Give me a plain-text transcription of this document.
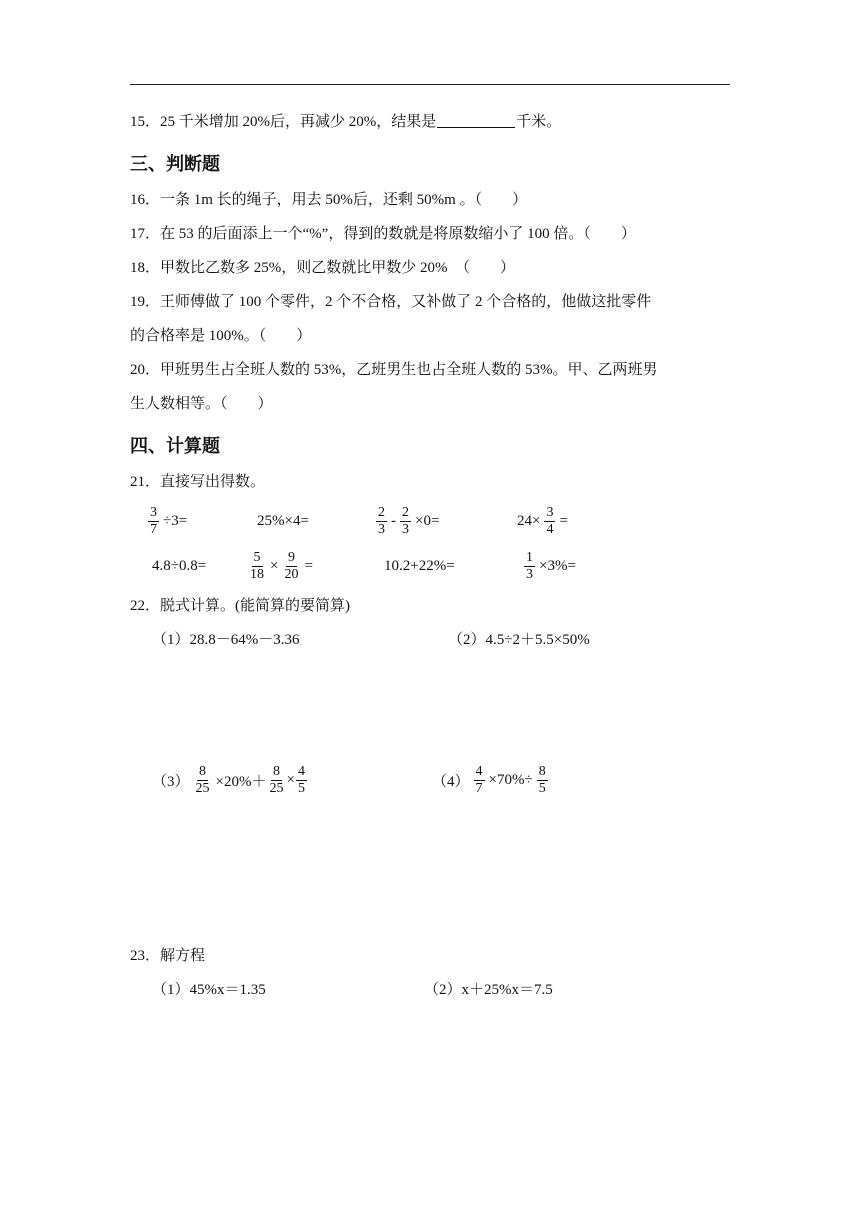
15．25 千米增加 20%后，再减少 20%，结果是	千米。
三、判断题
16．一条 1m 长的绳子，用去 50%后，还剩 50%m 。（　　）
17．在 53 的后面添上一个“%”，得到的数就是将原数缩小了 100 倍。（　　）
18．甲数比乙数多 25%，则乙数就比甲数少 20%　（　　）
19．王师傅做了 100 个零件，2 个不合格，又补做了 2 个合格的，他做这批零件
的合格率是 100%。（　　）
20．甲班男生占全班人数的 53%，乙班男生也占全班人数的 53%。甲、乙两班男
生人数相等。（　　）
四、计算题
21．直接写出得数。
$\frac{3}{7} \div 3=$	25%×4=	$\frac{2}{3} - \frac{2}{3} \times 0=$	$24\times \frac{3}{4}$ =
4.8÷0.8=	$\frac{5}{18} \times \frac{9}{20}$ =	10.2+22%=	$\frac{1}{3} \times 3\%=$
22．脱式计算。(能简算的要简算)
（1）28.8－64%－3.36	（2）4.5÷2＋5.5×50%
$(3) \frac{8}{25} \times 20\%+ \frac{8}{25} \times \frac{4}{5}$	$(4) \frac{4}{7} \times 70\%\div \frac{8}{5}$
23．解方程
（1）45%x＝1.35	（2）x＋25%x＝7.5
